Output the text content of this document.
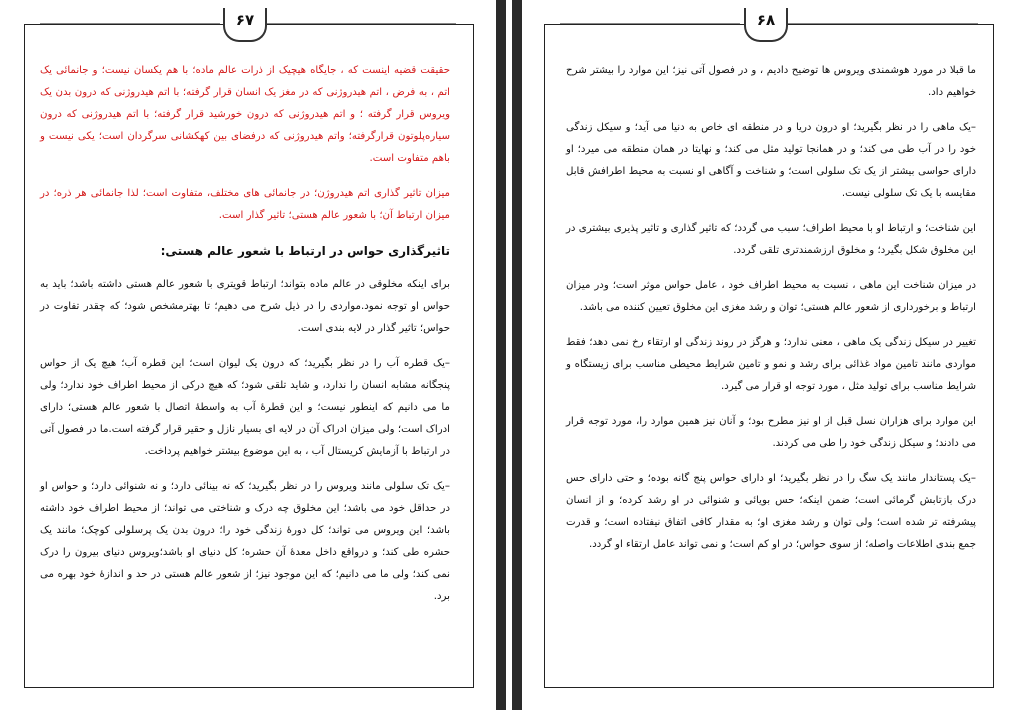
۶۷

حقیقت قضیه اینست که ، جایگاه هیچیک از ذرات عالم ماده؛ با هم یکسان نیست؛ و جانمائی یک اتم ، به فرض ، اتم هیدروژنی که در مغز یک انسان قرار گرفته؛ با اتم هیدروژنی که درون بدن یک ویروس قرار گرفته ؛ و اتم هیدروژنی که درون خورشید قرار گرفته؛ با اتم هیدروژنی که درون سیاره‌پلوتون قرارگرفته؛ واتم هیدروژنی که درفضای بین کهکشانی سرگردان است؛ یکی نیست و باهم متفاوت است.

میزان تاثیر گذاری اتم هیدروژن؛ در جانمائی های مختلف، متفاوت است؛ لذا جانمائی هر ذره؛ در میزان ارتباط آن؛ با شعور عالم هستی؛ تاثیر گذار است.

تاثیرگذاری حواس در ارتباط با شعور عالم هستی:

برای اینکه مخلوقی در عالم ماده بتواند؛ ارتباط قویتری با شعور عالم هستی داشته باشد؛ باید به حواس او توجه نمود.مواردی را در ذیل شرح می دهیم؛ تا بهترمشخص شود؛ که چقدر تفاوت در حواس؛ تاثیر گذار در لایه بندی است.

–یک قطره آب را در نظر بگیرید؛ که درون یک لیوان است؛ این قطره آب؛ هیچ یک از حواس پنجگانه مشابه انسان را ندارد، و شاید تلقی شود؛ که هیچ درکی از محیط اطراف خود ندارد؛ ولی ما می دانیم که اینطور نیست؛ و این قطرهٔ آب به واسطهٔ اتصال با شعور عالم هستی؛ دارای ادراک است؛ ولی میزان ادراک آن در لایه ای بسیار نازل و حقیر قرار گرفته است.ما در فصول آتی در ارتباط با آزمایش کریستال آب ، به این موضوع بیشتر خواهیم پرداخت.

–یک تک سلولی مانند ویروس را در نظر بگیرید؛ که نه بینائی دارد؛ و نه شنوائی دارد؛ و حواس او در حداقل خود می باشد؛ این مخلوق چه درک و شناختی می تواند؛ از محیط اطراف خود داشته باشد؛ این ویروس می تواند؛ کل دورهٔ زندگی خود را؛ درون بدن یک پرسلولی کوچک؛ مانند یک حشره طی کند؛ و درواقع داخل معدهٔ آن حشره؛ کل دنیای او باشد؛ویروس دنیای بیرون را درک نمی کند؛ ولی ما می دانیم؛ که این موجود نیز؛ از شعور عالم هستی در حد و اندازهٔ خود بهره می برد.

۶۸

ما قبلا در مورد هوشمندی ویروس ها توضیح دادیم ، و در فصول آتی نیز؛ این موارد را بیشتر شرح خواهیم داد.

–یک ماهی را در نظر بگیرید؛ او درون دریا و در منطقه ای خاص به دنیا می آید؛ و سیکل زندگی خود را در آب طی می کند؛ و در همانجا تولید مثل می کند؛ و نهایتا در همان منطقه می میرد؛ او دارای حواسی بیشتر از یک تک سلولی است؛ و شناخت و آگاهی او نسبت به محیط اطرافش قابل مقایسه با یک تک سلولی نیست.

این شناخت؛ و ارتباط او با محیط اطراف؛ سبب می گردد؛ که تاثیر گذاری و تاثیر پذیری بیشتری در این مخلوق شکل بگیرد؛ و مخلوق ارزشمندتری تلقی گردد.

در میزان شناخت این ماهی ، نسبت به محیط اطراف خود ، عامل حواس موثر است؛ ودر میزان ارتباط و برخورداری از شعور عالم هستی؛ توان و رشد مغزی این مخلوق تعیین کننده می باشد.

تغییر در سیکل زندگی یک ماهی ، معنی ندارد؛ و هرگز در روند زندگی او ارتقاء رخ نمی دهد؛ فقط مواردی مانند تامین مواد غذائی برای رشد و نمو و تامین شرایط محیطی مناسب برای زیستگاه و شرایط مناسب برای تولید مثل ، مورد توجه او قرار می گیرد.

این موارد برای هزاران نسل قبل از او نیز مطرح بود؛ و آنان نیز همین موارد را، مورد توجه قرار می دادند؛ و سیکل زندگی خود را طی می کردند.

–یک پستاندار مانند یک سگ را در نظر بگیرید؛ او دارای حواس پنج گانه بوده؛ و حتی دارای حس درک بازتابش گرمائی است؛ ضمن اینکه؛ حس بویائی و شنوائی در او رشد کرده؛ و از انسان پیشرفته تر شده است؛ ولی توان و رشد مغزی او؛ به مقدار کافی اتفاق نیفتاده است؛ و قدرت جمع بندی اطلاعات واصله؛ از سوی حواس؛ در او کم است؛ و نمی تواند عامل ارتقاء او گردد.
